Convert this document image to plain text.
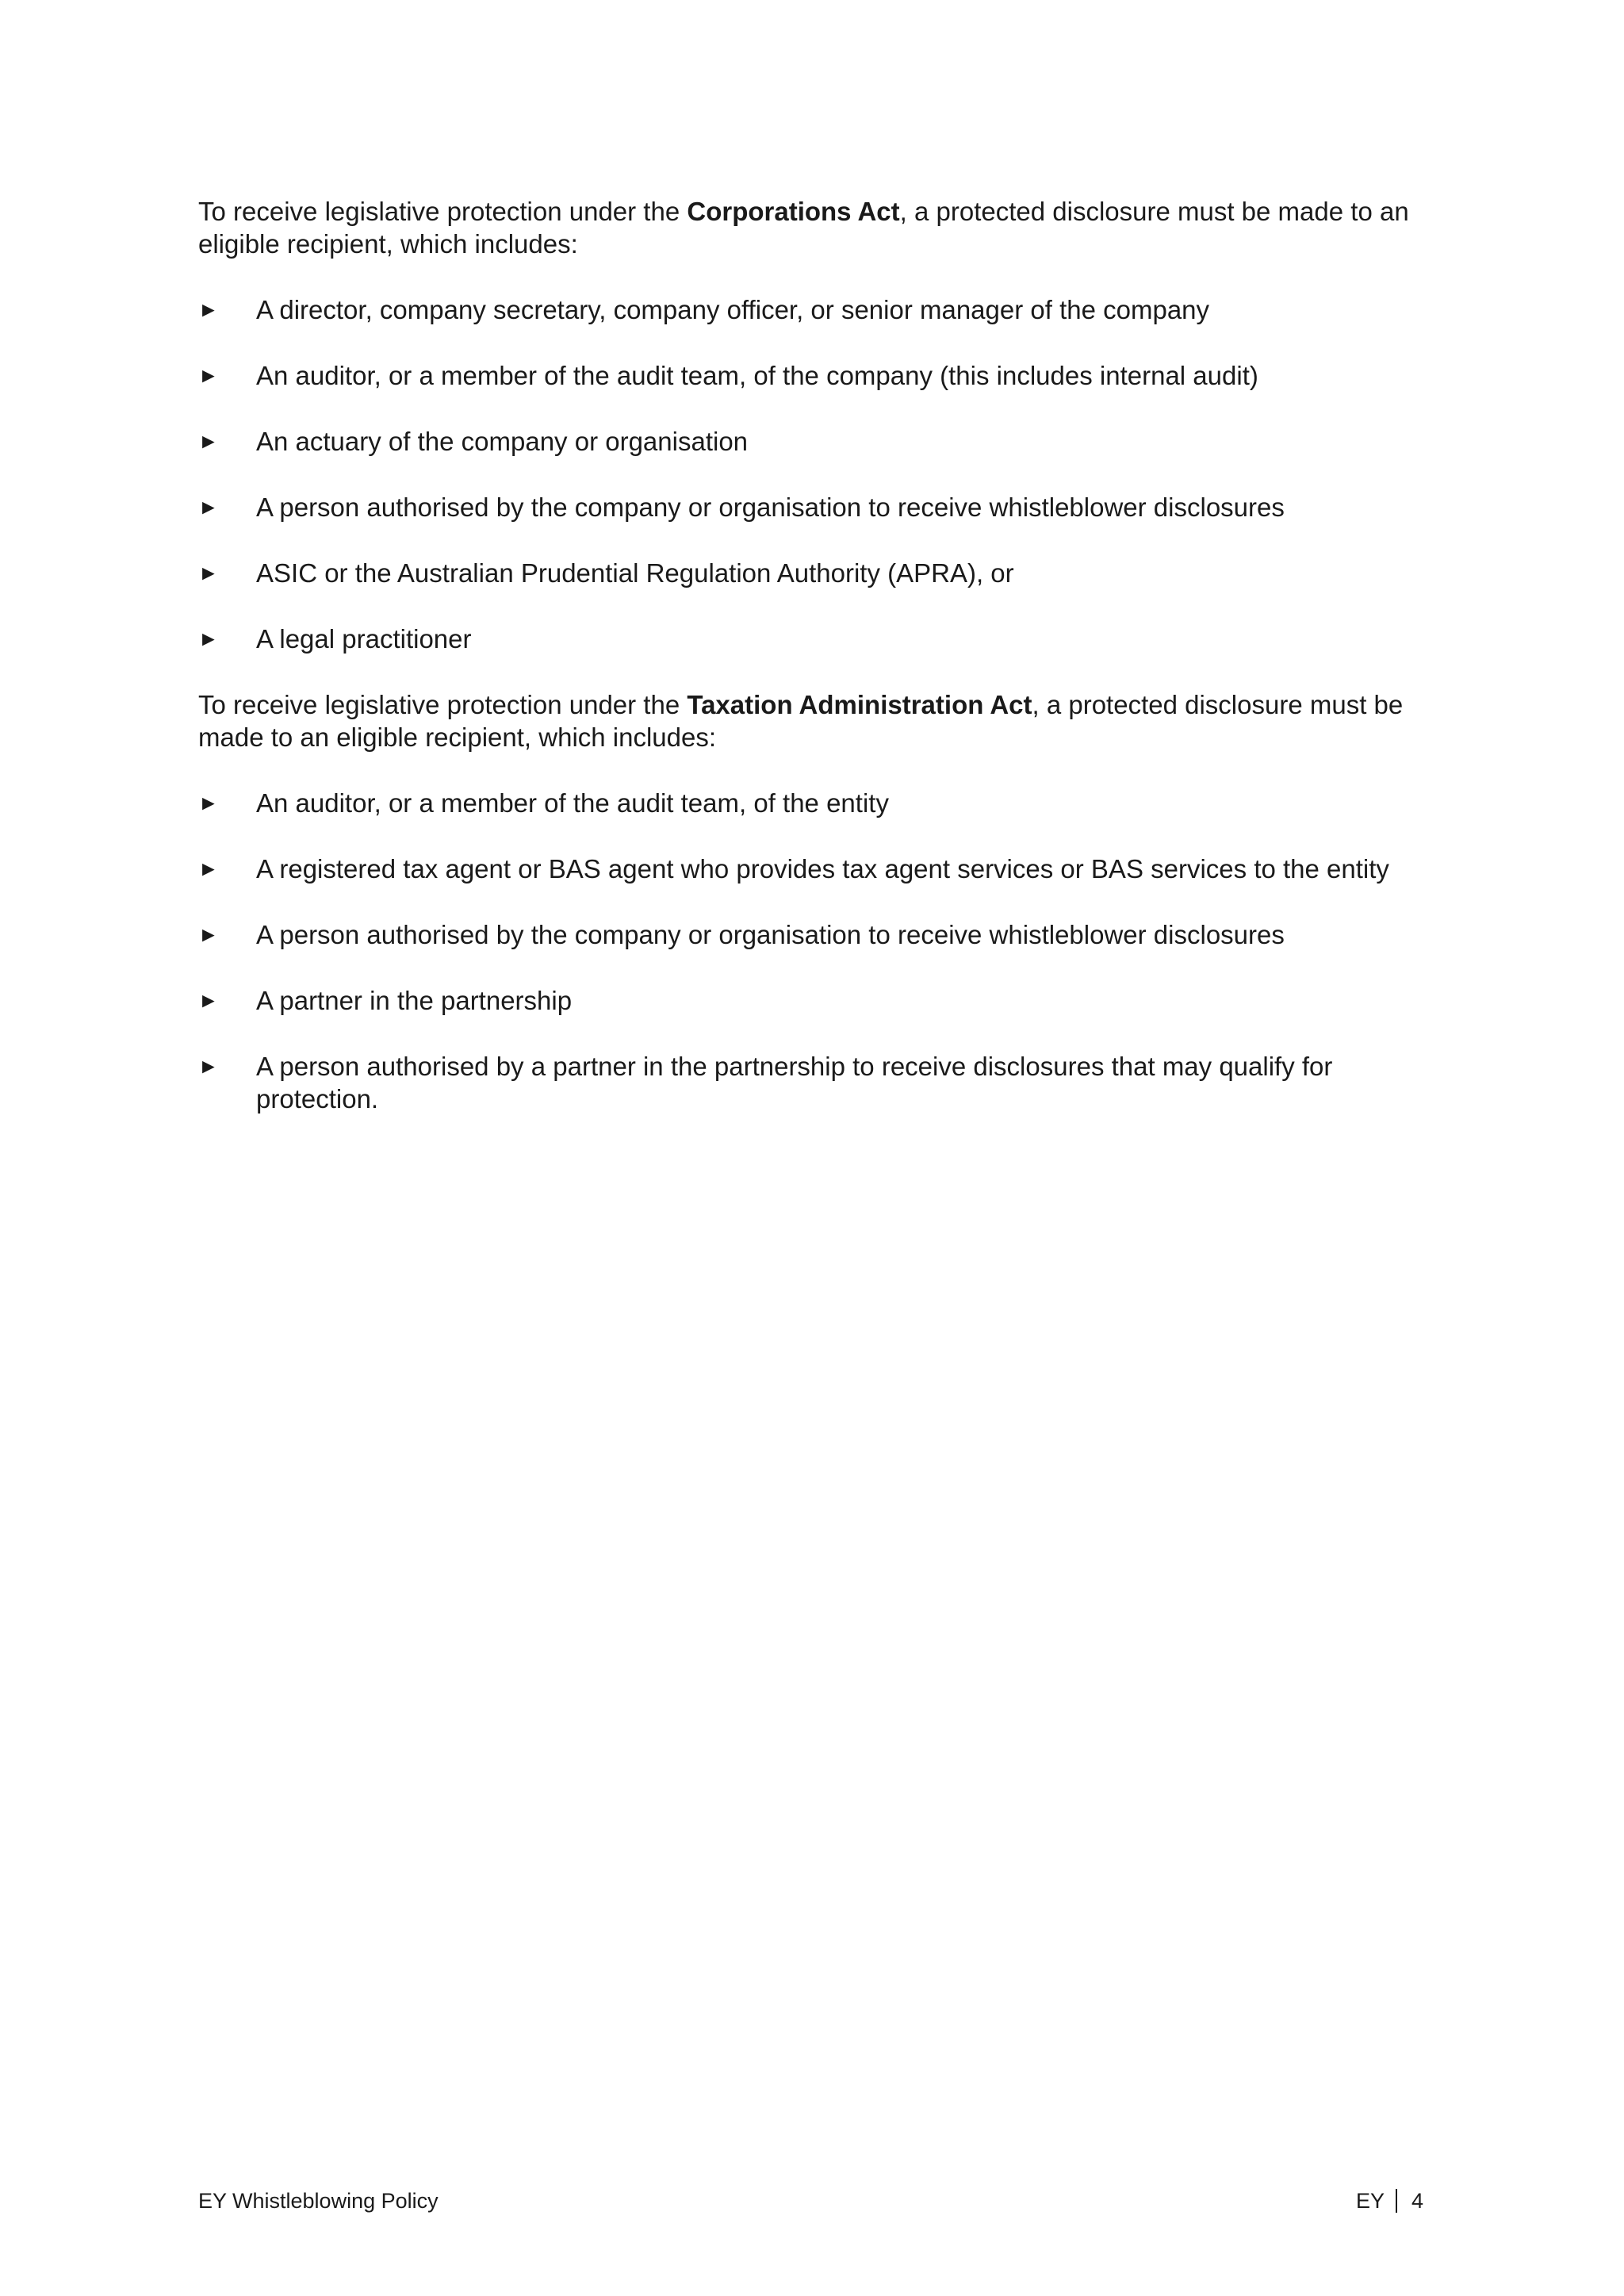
To receive legislative protection under the Corporations Act, a protected disclosure must be made to an eligible recipient, which includes:

► A director, company secretary, company officer, or senior manager of the company
► An auditor, or a member of the audit team, of the company (this includes internal audit)
► An actuary of the company or organisation
► A person authorised by the company or organisation to receive whistleblower disclosures
► ASIC or the Australian Prudential Regulation Authority (APRA), or
► A legal practitioner

To receive legislative protection under the Taxation Administration Act, a protected disclosure must be made to an eligible recipient, which includes:

► An auditor, or a member of the audit team, of the entity
► A registered tax agent or BAS agent who provides tax agent services or BAS services to the entity
► A person authorised by the company or organisation to receive whistleblower disclosures
► A partner in the partnership
► A person authorised by a partner in the partnership to receive disclosures that may qualify for protection.
EY Whistleblowing Policy	EY 4
